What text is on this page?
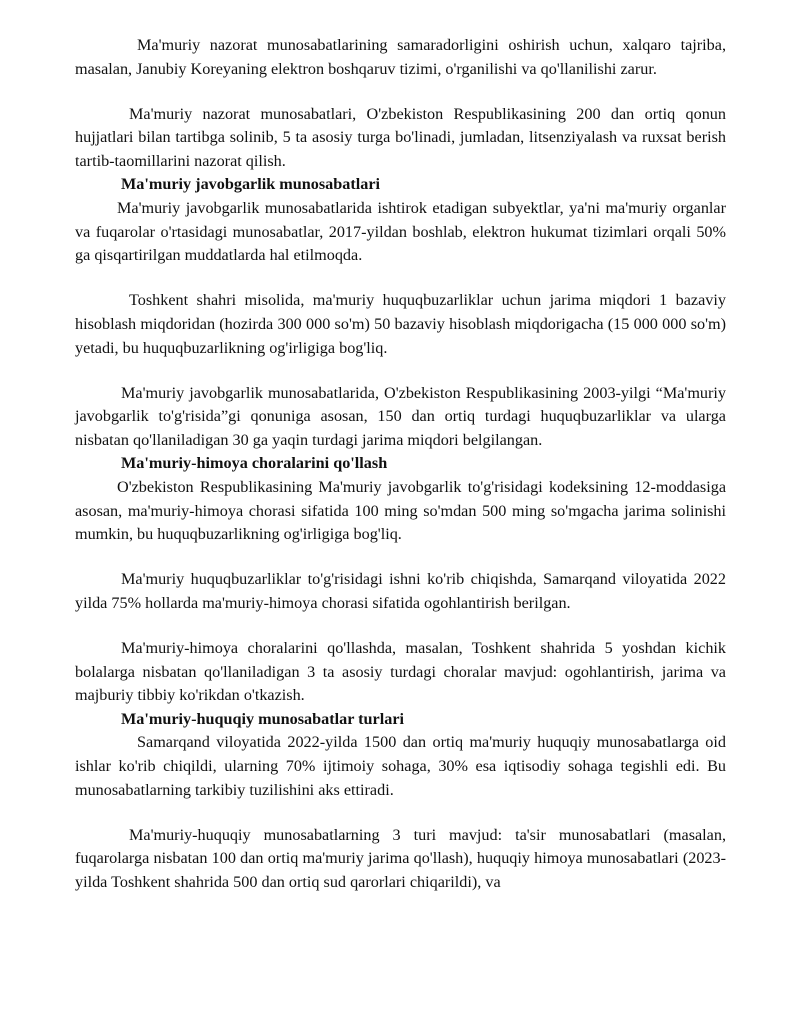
Ma'muriy nazorat munosabatlarining samaradorligini oshirish uchun, xalqaro tajriba, masalan, Janubiy Koreyaning elektron boshqaruv tizimi, o'rganilishi va qo'llanilishi zarur.

Ma'muriy nazorat munosabatlari, O'zbekiston Respublikasining 200 dan ortiq qonun hujjatlari bilan tartibga solinib, 5 ta asosiy turga bo'linadi, jumladan, litsenziyalash va ruxsat berish tartib-taomillarini nazorat qilish.

Ma'muriy javobgarlik munosabatlari

Ma'muriy javobgarlik munosabatlarida ishtirok etadigan subyektlar, ya'ni ma'muriy organlar va fuqarolar o'rtasidagi munosabatlar, 2017-yildan boshlab, elektron hukumat tizimlari orqali 50% ga qisqartirilgan muddatlarda hal etilmoqda.

Toshkent shahri misolida, ma'muriy huquqbuzarliklar uchun jarima miqdori 1 bazaviy hisoblash miqdoridan (hozirda 300 000 so'm) 50 bazaviy hisoblash miqdorigacha (15 000 000 so'm) yetadi, bu huquqbuzarlikning og'irligiga bog'liq.

Ma'muriy javobgarlik munosabatlarida, O'zbekiston Respublikasining 2003-yilgi “Ma'muriy javobgarlik to'g'risida”gi qonuniga asosan, 150 dan ortiq turdagi huquqbuzarliklar va ularga nisbatan qo'llaniladigan 30 ga yaqin turdagi jarima miqdori belgilangan.

Ma'muriy-himoya choralarini qo'llash

O'zbekiston Respublikasining Ma'muriy javobgarlik to'g'risidagi kodeksining 12-moddasiga asosan, ma'muriy-himoya chorasi sifatida 100 ming so'mdan 500 ming so'mgacha jarima solinishi mumkin, bu huquqbuzarlikning og'irligiga bog'liq.

Ma'muriy huquqbuzarliklar to'g'risidagi ishni ko'rib chiqishda, Samarqand viloyatida 2022 yilda 75% hollarda ma'muriy-himoya chorasi sifatida ogohlantirish berilgan.

Ma'muriy-himoya choralarini qo'llashda, masalan, Toshkent shahrida 5 yoshdan kichik bolalarga nisbatan qo'llaniladigan 3 ta asosiy turdagi choralar mavjud: ogohlantirish, jarima va majburiy tibbiy ko'rikdan o'tkazish.

Ma'muriy-huquqiy munosabatlar turlari

Samarqand viloyatida 2022-yilda 1500 dan ortiq ma'muriy huquqiy munosabatlarga oid ishlar ko'rib chiqildi, ularning 70% ijtimoiy sohaga, 30% esa iqtisodiy sohaga tegishli edi. Bu munosabatlarning tarkibiy tuzilishini aks ettiradi.

Ma'muriy-huquqiy munosabatlarning 3 turi mavjud: ta'sir munosabatlari (masalan, fuqarolarga nisbatan 100 dan ortiq ma'muriy jarima qo'llash), huquqiy himoya munosabatlari (2023-yilda Toshkent shahrida 500 dan ortiq sud qarorlari chiqarildi), va
